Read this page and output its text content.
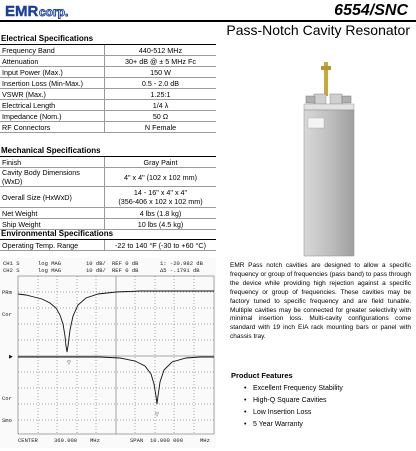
EMR corp.	6554/SNC
Pass-Notch Cavity Resonator
Electrical Specifications
Frequency Band	440-512 MHz
Attenuation	30+ dB @ ± 5 MHz Fc
Input Power (Max.)	150 W
Insertion Loss (Min-Max.)	0.5 - 2.0 dB
VSWR (Max.)	1.25:1
Electrical Length	1/4 λ
Impedance (Nom.)	50 Ω
RF Connectors	N Female
Mechanical Specifications
Finish	Gray Paint
Cavity Body Dimensions (WxD)	4" x 4" (102 x 102 mm)
Overall Size (HxWxD)	14 - 16" x 4" x 4"
(356-406 x 102 x 102 mm)

Net Weight	4 lbs (1.8 kg)
Ship Weight	10 lbs (4.5 kg)
Environmental Specifications
Operating Temp. Range	-22 to 140 °F (-30 to +60 °C)
CH1 S	log MAG	10 dB/ REF 0 dB	1: -20.982 dB
CH2 S	log MAG	10 dB/ REF 0 dB	Δ5 -.1791 dB
PRm
Cor
Cor
Smo
CENTER	360.000 MHz	SPAN 10.000 000	MHz
▶
▽
▽
EMR Pass notch cavities are designed to allow a specific frequency or group of frequencies (pass band) to pass through the device while providing high rejection against a specific frequency or group of frequencies. These cavities may be factory tuned to specific frequency and are field tunable. Multiple cavities may be connected for greater selectivity with minimal insertion loss. Multi-cavity configurations come standard with 19 inch EIA rack mounting bars or panel with chassis tray.
Product Features
• Excellent Frequency Stability
• High-Q Square Cavities
• Low Insertion Loss
• 5 Year Warranty
